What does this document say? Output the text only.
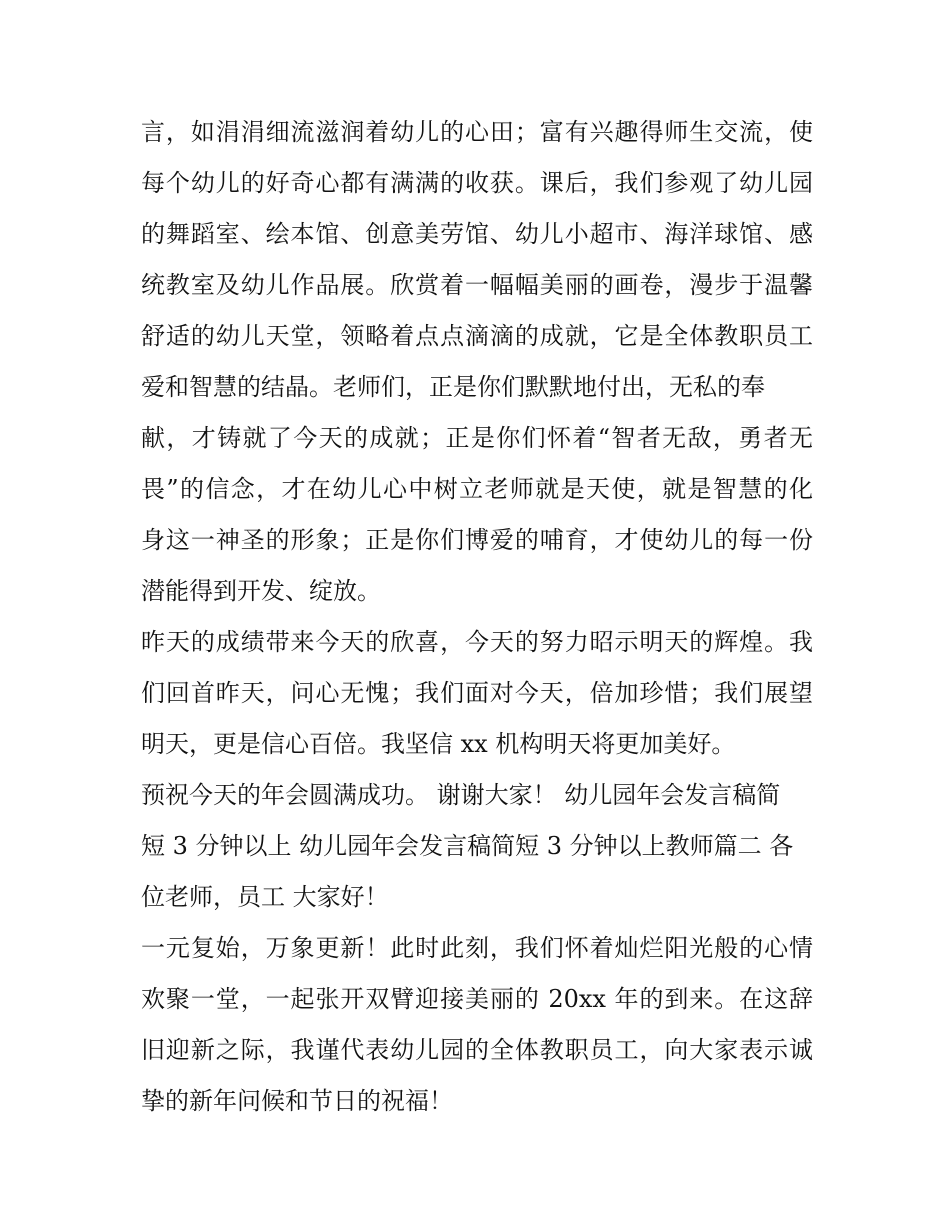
言，如涓涓细流滋润着幼儿的心田；富有兴趣得师生交流，使
每个幼儿的好奇心都有满满的收获。课后，我们参观了幼儿园
的舞蹈室、绘本馆、创意美劳馆、幼儿小超市、海洋球馆、感
统教室及幼儿作品展。欣赏着一幅幅美丽的画卷，漫步于温馨
舒适的幼儿天堂，领略着点点滴滴的成就，它是全体教职员工
爱和智慧的结晶。老师们，正是你们默默地付出，无私的奉
献，才铸就了今天的成就；正是你们怀着“智者无敌，勇者无
畏”的信念，才在幼儿心中树立老师就是天使，就是智慧的化
身这一神圣的形象；正是你们博爱的哺育，才使幼儿的每一份
潜能得到开发、绽放。
昨天的成绩带来今天的欣喜，今天的努力昭示明天的辉煌。我
们回首昨天，问心无愧；我们面对今天，倍加珍惜；我们展望
明天，更是信心百倍。我坚信 xx 机构明天将更加美好。
预祝今天的年会圆满成功。 谢谢大家！ 幼儿园年会发言稿简
短 3 分钟以上 幼儿园年会发言稿简短 3 分钟以上教师篇二 各
位老师，员工 大家好！
一元复始，万象更新！此时此刻，我们怀着灿烂阳光般的心情
欢聚一堂，一起张开双臂迎接美丽的 20xx 年的到来。在这辞
旧迎新之际，我谨代表幼儿园的全体教职员工，向大家表示诚
挚的新年问候和节日的祝福！
